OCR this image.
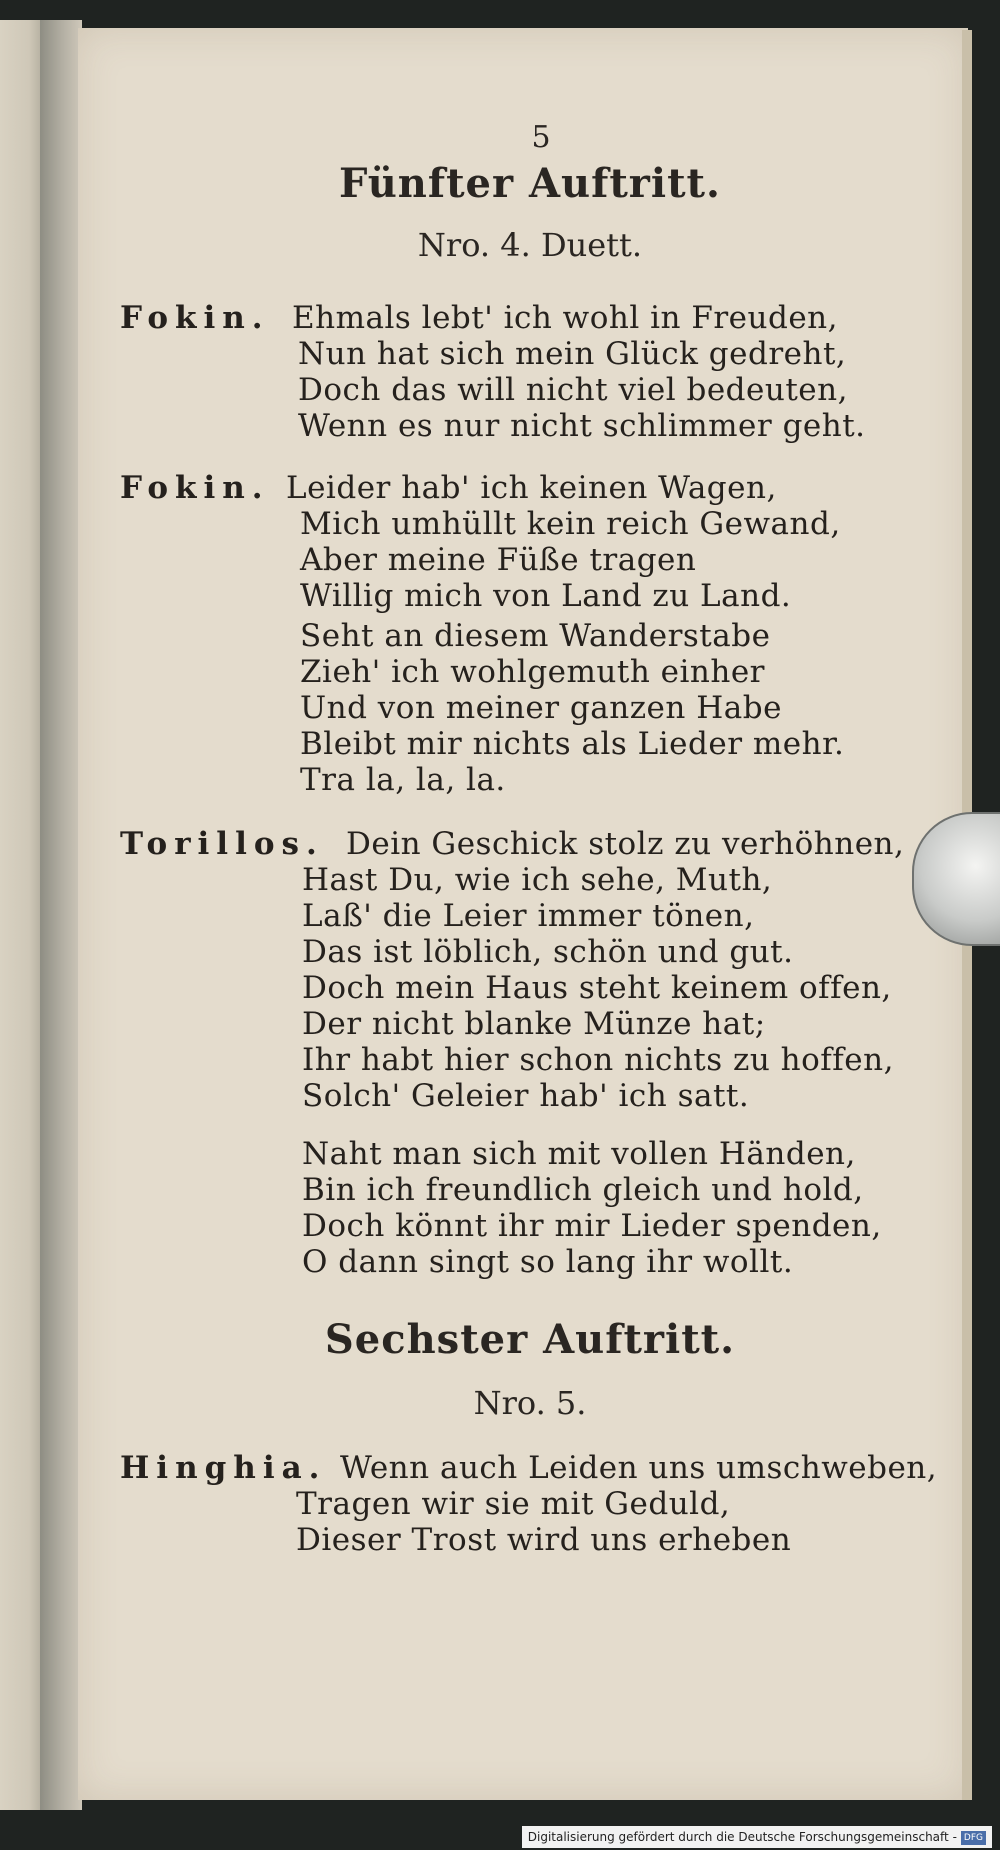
5
Fünfter Auftritt.
Nro. 4. Duett.
Fokin. Ehmals lebt' ich wohl in Freuden,
Nun hat sich mein Glück gedreht,
Doch das will nicht viel bedeuten,
Wenn es nur nicht schlimmer geht.
Fokin. Leider hab' ich keinen Wagen,
Mich umhüllt kein reich Gewand,
Aber meine Füße tragen
Willig mich von Land zu Land.
Seht an diesem Wanderstabe
Zieh' ich wohlgemuth einher
Und von meiner ganzen Habe
Bleibt mir nichts als Lieder mehr.
Tra la, la, la.
Torillos. Dein Geschick stolz zu verhöhnen,
Hast Du, wie ich sehe, Muth,
Laß' die Leier immer tönen,
Das ist löblich, schön und gut.
Doch mein Haus steht keinem offen,
Der nicht blanke Münze hat;
Ihr habt hier schon nichts zu hoffen,
Solch' Geleier hab' ich satt.
Naht man sich mit vollen Händen,
Bin ich freundlich gleich und hold,
Doch könnt ihr mir Lieder spenden,
O dann singt so lang ihr wollt.
Sechster Auftritt.
Nro. 5.
Hinghia. Wenn auch Leiden uns umschweben,
Tragen wir sie mit Geduld,
Dieser Trost wird uns erheben
Digitalisierung gefördert durch die Deutsche Forschungsgemeinschaft - DFG
